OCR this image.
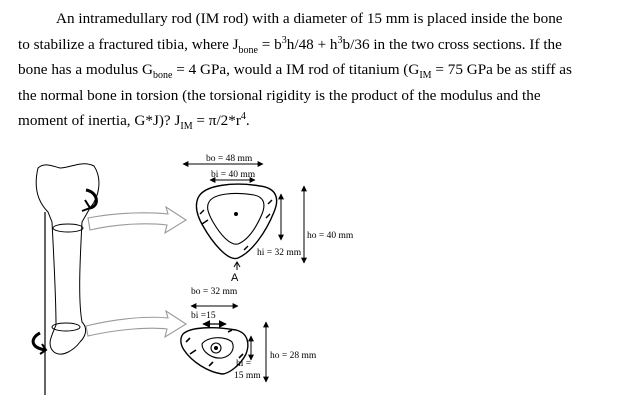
An intramedullary rod (IM rod) with a diameter of 15 mm is placed inside the bone
to stabilize a fractured tibia, where $J_{bone} = b^3h/48 + h^3b/36$ in the two cross sections. If the
bone has a modulus $G_{bone} = 4$ GPa, would a IM rod of titanium ($G_{IM} = 75$ GPa be as stiff as
the normal bone in torsion (the torsional rigidity is the product of the modulus and the
moment of inertia, G*J)? $J_{IM} = \pi/2*r^4$.
A
bo = 48 mm
bi = 40 mm
ho = 40 mm
hi = 32 mm
bo = 32 mm
bi =15
ho = 28 mm
hi =
15 mm
